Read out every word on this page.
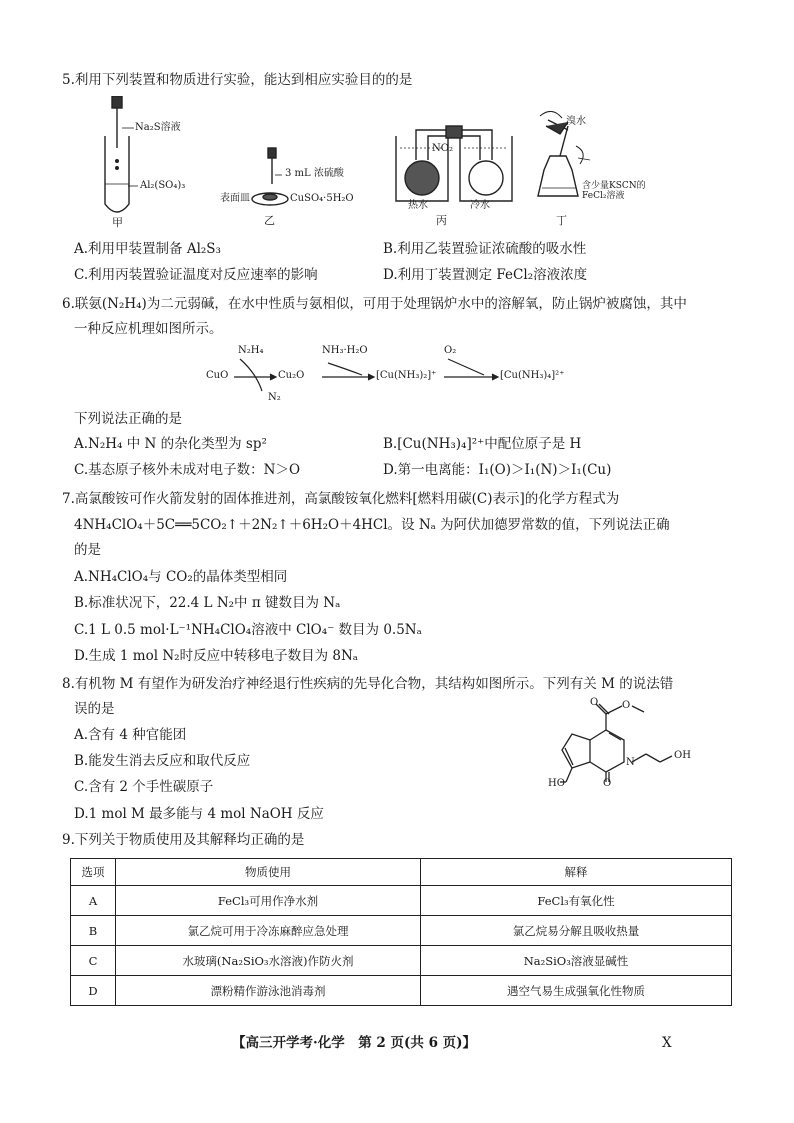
5.利用下列装置和物质进行实验，能达到相应实验目的的是
Na₂S溶液
Al₂(SO₄)₃
甲
3 mL 浓硫酸
表面皿	CuSO₄·5H₂O
乙
NO₂
热水	冷水
丙
溴水
含少量KSCN的FeCl₂溶液
丁
A.利用甲装置制备 Al₂S₃	B.利用乙装置验证浓硫酸的吸水性
C.利用丙装置验证温度对反应速率的影响	D.利用丁装置测定 FeCl₂溶液浓度
6.联氨(N₂H₄)为二元弱碱，在水中性质与氨相似，可用于处理锅炉水中的溶解氧，防止锅炉被腐蚀，其中
一种反应机理如图所示。
CuO
N₂H₄
N₂
Cu₂O
NH₃·H₂O
[Cu(NH₃)₂]⁺
O₂
[Cu(NH₃)₄]²⁺
下列说法正确的是
A.N₂H₄ 中 N 的杂化类型为 sp²	B.[Cu(NH₃)₄]²⁺中配位原子是 H
C.基态原子核外未成对电子数：N＞O	D.第一电离能：I₁(O)＞I₁(N)＞I₁(Cu)
7.高氯酸铵可作火箭发射的固体推进剂，高氯酸铵氧化燃料[燃料用碳(C)表示]的化学方程式为
4NH₄ClO₄＋5C══5CO₂↑＋2N₂↑＋6H₂O＋4HCl。设 Nₐ 为阿伏加德罗常数的值，下列说法正确
的是
A.NH₄ClO₄与 CO₂的晶体类型相同
B.标准状况下，22.4 L N₂中 π 键数目为 Nₐ
C.1 L 0.5 mol·L⁻¹NH₄ClO₄溶液中 ClO₄⁻ 数目为 0.5Nₐ
D.生成 1 mol N₂时反应中转移电子数目为 8Nₐ
8.有机物 M 有望作为研发治疗神经退行性疾病的先导化合物，其结构如图所示。下列有关 M 的说法错
误的是
A.含有 4 种官能团
B.能发生消去反应和取代反应
C.含有 2 个手性碳原子
D.1 mol M 最多能与 4 mol NaOH 反应
O O
N
O
OH
HO
9.下列关于物质使用及其解释均正确的是
选项	物质使用	解释
A	FeCl₃可用作净水剂	FeCl₃有氧化性
B	氯乙烷可用于冷冻麻醉应急处理	氯乙烷易分解且吸收热量
C	水玻璃(Na₂SiO₃水溶液)作防火剂	Na₂SiO₃溶液显碱性
D	漂粉精作游泳池消毒剂	遇空气易生成强氧化性物质
【高三开学考·化学　第 2 页(共 6 页)】	X
